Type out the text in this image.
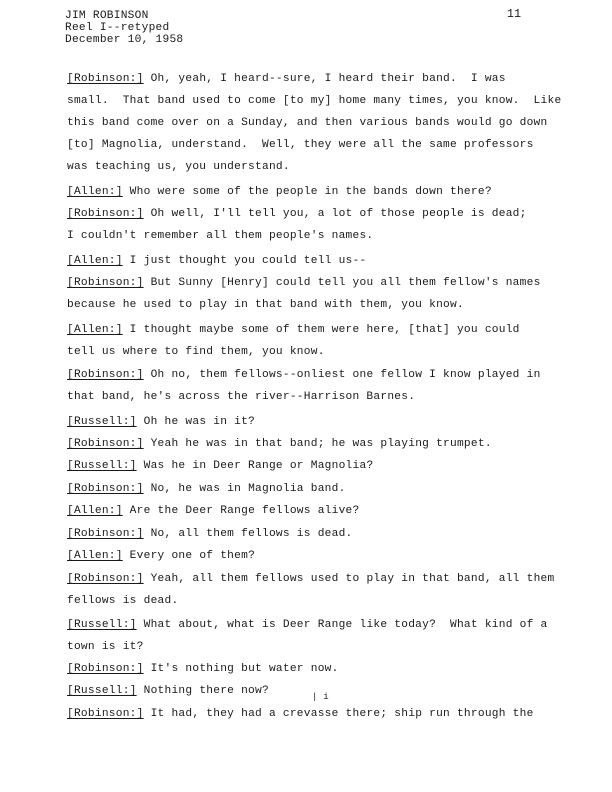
JIM ROBINSON
Reel I--retyped
December 10, 1958
11
[Robinson:] Oh, yeah, I heard--sure, I heard their band.  I was
small.  That band used to come [to my] home many times, you know.  Like
this band come over on a Sunday, and then various bands would go down
[to] Magnolia, understand.  Well, they were all the same professors
was teaching us, you understand.
[Allen:] Who were some of the people in the bands down there?
[Robinson:] Oh well, I'll tell you, a lot of those people is dead;
I couldn't remember all them people's names.
[Allen:] I just thought you could tell us--
[Robinson:] But Sunny [Henry] could tell you all them fellow's names
because he used to play in that band with them, you know.
[Allen:] I thought maybe some of them were here, [that] you could
tell us where to find them, you know.
[Robinson:] Oh no, them fellows--onliest one fellow I know played in
that band, he's across the river--Harrison Barnes.
[Russell:] Oh he was in it?
[Robinson:] Yeah he was in that band; he was playing trumpet.
[Russell:] Was he in Deer Range or Magnolia?
[Robinson:] No, he was in Magnolia band.
[Allen:] Are the Deer Range fellows alive?
[Robinson:] No, all them fellows is dead.
[Allen:] Every one of them?
[Robinson:] Yeah, all them fellows used to play in that band, all them
fellows is dead.
[Russell:] What about, what is Deer Range like today?  What kind of a
town is it?
[Robinson:] It's nothing but water now.
[Russell:] Nothing there now?
[Robinson:] It had, they had a crevasse there; ship run through the
| i
